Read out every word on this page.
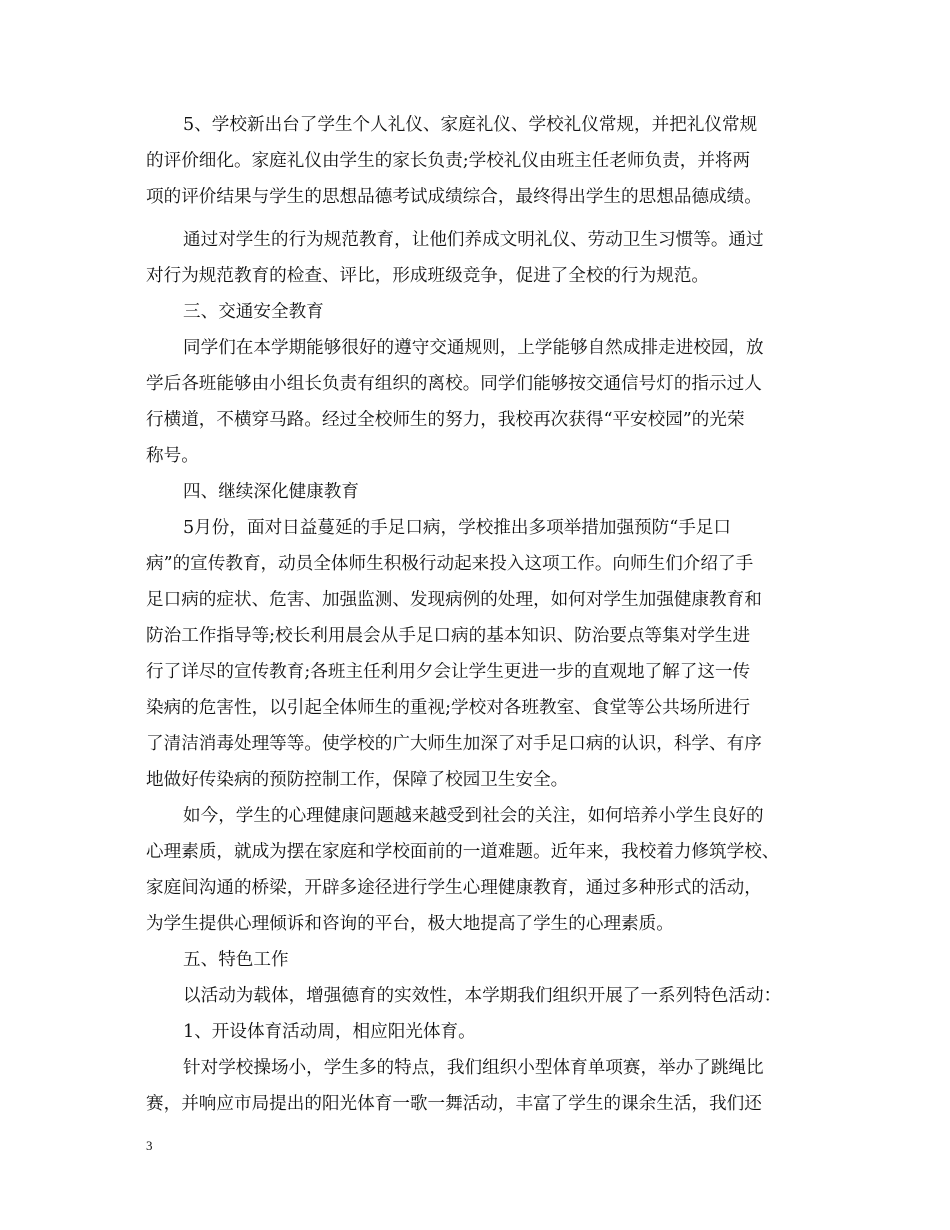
5、学校新出台了学生个人礼仪、家庭礼仪、学校礼仪常规，并把礼仪常规
的评价细化。家庭礼仪由学生的家长负责;学校礼仪由班主任老师负责，并将两
项的评价结果与学生的思想品德考试成绩综合，最终得出学生的思想品德成绩。
通过对学生的行为规范教育，让他们养成文明礼仪、劳动卫生习惯等。通过
对行为规范教育的检查、评比，形成班级竞争，促进了全校的行为规范。
三、交通安全教育
同学们在本学期能够很好的遵守交通规则，上学能够自然成排走进校园，放
学后各班能够由小组长负责有组织的离校。同学们能够按交通信号灯的指示过人
行横道，不横穿马路。经过全校师生的努力，我校再次获得“平安校园”的光荣
称号。
四、继续深化健康教育
5月份，面对日益蔓延的手足口病，学校推出多项举措加强预防“手足口
病”的宣传教育，动员全体师生积极行动起来投入这项工作。向师生们介绍了手
足口病的症状、危害、加强监测、发现病例的处理，如何对学生加强健康教育和
防治工作指导等;校长利用晨会从手足口病的基本知识、防治要点等集对学生进
行了详尽的宣传教育;各班主任利用夕会让学生更进一步的直观地了解了这一传
染病的危害性，以引起全体师生的重视;学校对各班教室、食堂等公共场所进行
了清洁消毒处理等等。使学校的广大师生加深了对手足口病的认识，科学、有序
地做好传染病的预防控制工作，保障了校园卫生安全。
如今，学生的心理健康问题越来越受到社会的关注，如何培养小学生良好的
心理素质，就成为摆在家庭和学校面前的一道难题。近年来，我校着力修筑学校、
家庭间沟通的桥梁，开辟多途径进行学生心理健康教育，通过多种形式的活动，
为学生提供心理倾诉和咨询的平台，极大地提高了学生的心理素质。
五、特色工作
以活动为载体，增强德育的实效性，本学期我们组织开展了一系列特色活动：
1、开设体育活动周，相应阳光体育。
针对学校操场小，学生多的特点，我们组织小型体育单项赛，举办了跳绳比
赛，并响应市局提出的阳光体育一歌一舞活动，丰富了学生的课余生活，我们还
3
